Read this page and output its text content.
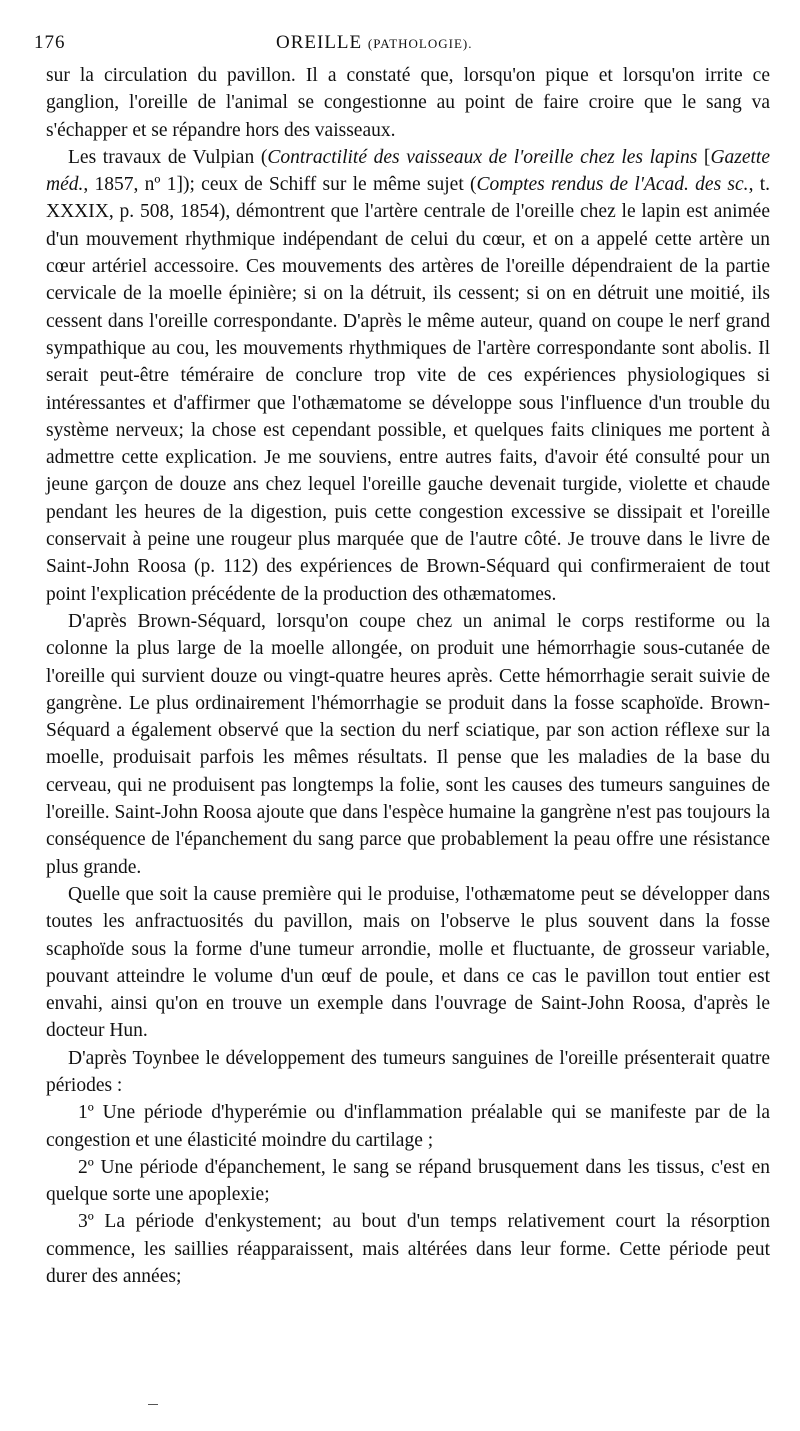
176	OREILLE (PATHOLOGIE).

sur la circulation du pavillon. Il a constaté que, lorsqu'on pique et lorsqu'on irrite ce ganglion, l'oreille de l'animal se congestionne au point de faire croire que le sang va s'échapper et se répandre hors des vaisseaux.

Les travaux de Vulpian (Contractilité des vaisseaux de l'oreille chez les lapins [Gazette méd., 1857, nº 1]); ceux de Schiff sur le même sujet (Comptes rendus de l'Acad. des sc., t. XXXIX, p. 508, 1854), démontrent que l'artère centrale de l'oreille chez le lapin est animée d'un mouvement rhythmique indépendant de celui du cœur, et on a appelé cette artère un cœur artériel accessoire. Ces mouvements des artères de l'oreille dépendraient de la partie cervicale de la moelle épinière; si on la détruit, ils cessent; si on en détruit une moitié, ils cessent dans l'oreille correspondante. D'après le même auteur, quand on coupe le nerf grand sympathique au cou, les mouvements rhythmiques de l'artère correspondante sont abolis. Il serait peut-être téméraire de conclure trop vite de ces expériences physiologiques si intéressantes et d'affirmer que l'othæmatome se développe sous l'influence d'un trouble du système nerveux; la chose est cependant possible, et quelques faits cliniques me portent à admettre cette explication. Je me souviens, entre autres faits, d'avoir été consulté pour un jeune garçon de douze ans chez lequel l'oreille gauche devenait turgide, violette et chaude pendant les heures de la digestion, puis cette congestion excessive se dissipait et l'oreille conservait à peine une rougeur plus marquée que de l'autre côté. Je trouve dans le livre de Saint-John Roosa (p. 112) des expériences de Brown-Séquard qui confirmeraient de tout point l'explication précédente de la production des othæmatomes.

D'après Brown-Séquard, lorsqu'on coupe chez un animal le corps restiforme ou la colonne la plus large de la moelle allongée, on produit une hémorrhagie sous-cutanée de l'oreille qui survient douze ou vingt-quatre heures après. Cette hémorrhagie serait suivie de gangrène. Le plus ordinairement l'hémorrhagie se produit dans la fosse scaphoïde. Brown-Séquard a également observé que la section du nerf sciatique, par son action réflexe sur la moelle, produisait parfois les mêmes résultats. Il pense que les maladies de la base du cerveau, qui ne produisent pas longtemps la folie, sont les causes des tumeurs sanguines de l'oreille. Saint-John Roosa ajoute que dans l'espèce humaine la gangrène n'est pas toujours la conséquence de l'épanchement du sang parce que probablement la peau offre une résistance plus grande.

Quelle que soit la cause première qui le produise, l'othæmatome peut se développer dans toutes les anfractuosités du pavillon, mais on l'observe le plus souvent dans la fosse scaphoïde sous la forme d'une tumeur arrondie, molle et fluctuante, de grosseur variable, pouvant atteindre le volume d'un œuf de poule, et dans ce cas le pavillon tout entier est envahi, ainsi qu'on en trouve un exemple dans l'ouvrage de Saint-John Roosa, d'après le docteur Hun.

D'après Toynbee le développement des tumeurs sanguines de l'oreille présenterait quatre périodes :

1º Une période d'hyperémie ou d'inflammation préalable qui se manifeste par de la congestion et une élasticité moindre du cartilage ;

2º Une période d'épanchement, le sang se répand brusquement dans les tissus, c'est en quelque sorte une apoplexie;

3º La période d'enkystement; au bout d'un temps relativement court la résorption commence, les saillies réapparaissent, mais altérées dans leur forme. Cette période peut durer des années;
